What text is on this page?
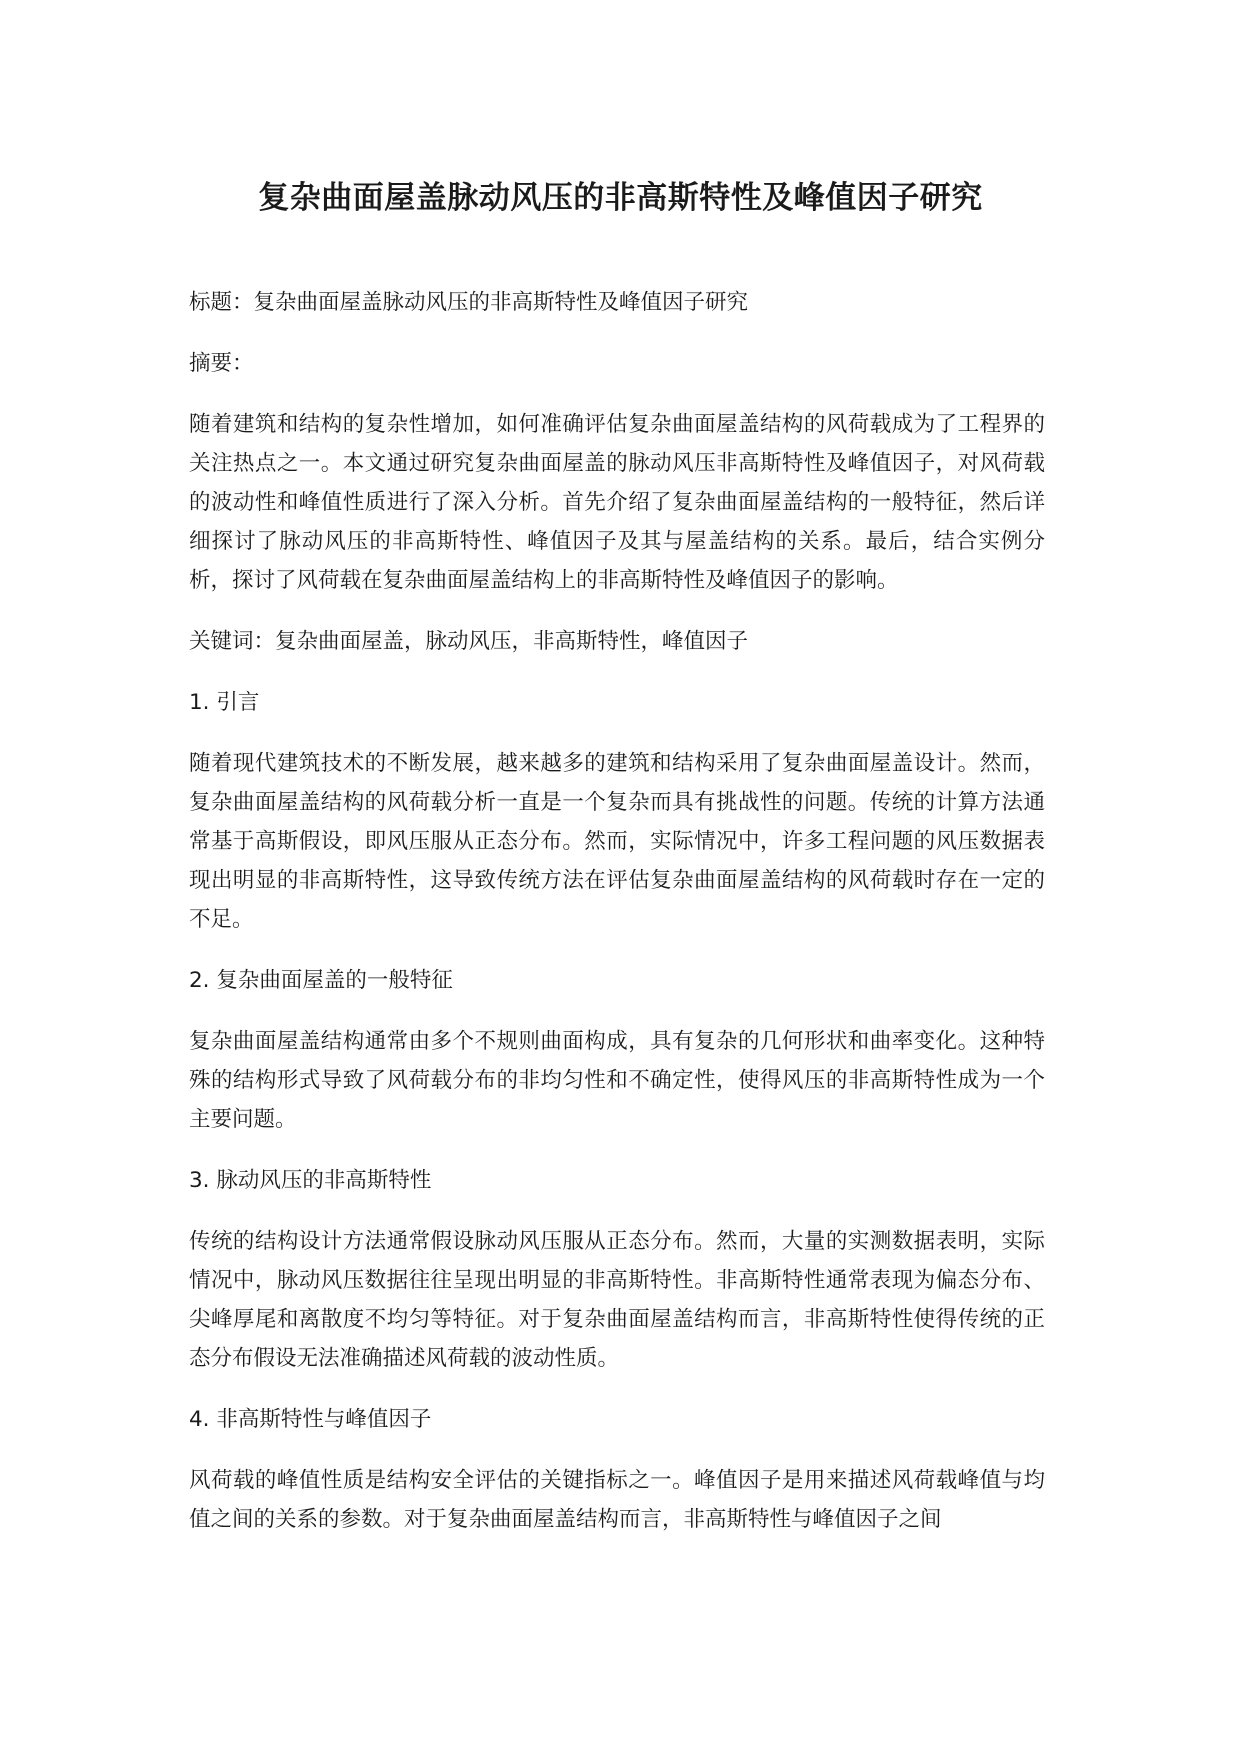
复杂曲面屋盖脉动风压的非高斯特性及峰值因子研究

标题：复杂曲面屋盖脉动风压的非高斯特性及峰值因子研究

摘要：

随着建筑和结构的复杂性增加，如何准确评估复杂曲面屋盖结构的风荷载成为了工程界的关注热点之一。本文通过研究复杂曲面屋盖的脉动风压非高斯特性及峰值因子，对风荷载的波动性和峰值性质进行了深入分析。首先介绍了复杂曲面屋盖结构的一般特征，然后详细探讨了脉动风压的非高斯特性、峰值因子及其与屋盖结构的关系。最后，结合实例分析，探讨了风荷载在复杂曲面屋盖结构上的非高斯特性及峰值因子的影响。

关键词：复杂曲面屋盖，脉动风压，非高斯特性，峰值因子

1. 引言

随着现代建筑技术的不断发展，越来越多的建筑和结构采用了复杂曲面屋盖设计。然而，复杂曲面屋盖结构的风荷载分析一直是一个复杂而具有挑战性的问题。传统的计算方法通常基于高斯假设，即风压服从正态分布。然而，实际情况中，许多工程问题的风压数据表现出明显的非高斯特性，这导致传统方法在评估复杂曲面屋盖结构的风荷载时存在一定的不足。

2. 复杂曲面屋盖的一般特征

复杂曲面屋盖结构通常由多个不规则曲面构成，具有复杂的几何形状和曲率变化。这种特殊的结构形式导致了风荷载分布的非均匀性和不确定性，使得风压的非高斯特性成为一个主要问题。

3. 脉动风压的非高斯特性

传统的结构设计方法通常假设脉动风压服从正态分布。然而，大量的实测数据表明，实际情况中，脉动风压数据往往呈现出明显的非高斯特性。非高斯特性通常表现为偏态分布、尖峰厚尾和离散度不均匀等特征。对于复杂曲面屋盖结构而言，非高斯特性使得传统的正态分布假设无法准确描述风荷载的波动性质。

4. 非高斯特性与峰值因子

风荷载的峰值性质是结构安全评估的关键指标之一。峰值因子是用来描述风荷载峰值与均值之间的关系的参数。对于复杂曲面屋盖结构而言，非高斯特性与峰值因子之间
